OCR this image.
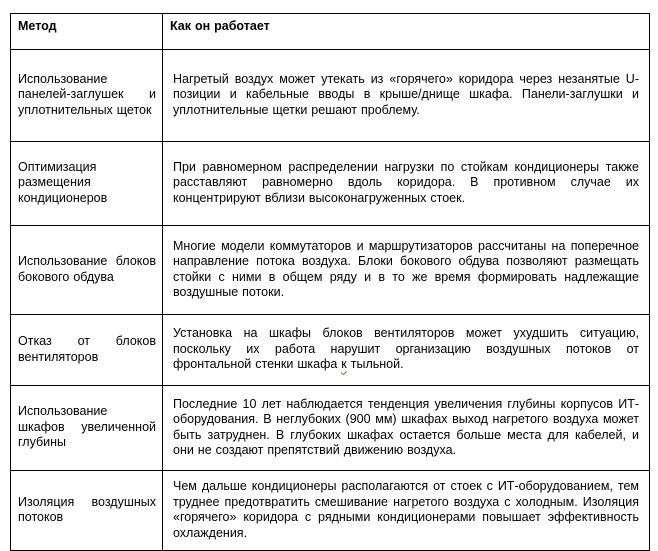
Метод	Как он работает
Использование панелей-заглушек и уплотнительных щеток	Нагретый воздух может утекать из «горячего» коридора через незанятые U-позиции и кабельные вводы в крыше/днище шкафа. Панели-заглушки и уплотнительные щетки решают проблему.
Оптимизация размещения кондиционеров	При равномерном распределении нагрузки по стойкам кондиционеры также расставляют равномерно вдоль коридора. В противном случае их концентрируют вблизи высоконагруженных стоек.
Использование блоков бокового обдува	Многие модели коммутаторов и маршрутизаторов рассчитаны на поперечное направление потока воздуха. Блоки бокового обдува позволяют размещать стойки с ними в общем ряду и в то же время формировать надлежащие воздушные потоки.
Отказ от блоков вентиляторов	Установка на шкафы блоков вентиляторов может ухудшить ситуацию, поскольку их работа нарушит организацию воздушных потоков от фронтальной стенки шкафа к тыльной.
Использование шкафов увеличенной глубины	Последние 10 лет наблюдается тенденция увеличения глубины корпусов ИТ-оборудования. В неглубоких (900 мм) шкафах выход нагретого воздуха может быть затруднен. В глубоких шкафах остается больше места для кабелей, и они не создают препятствий движению воздуха.
Изоляция воздушных потоков	Чем дальше кондиционеры располагаются от стоек с ИТ-оборудованием, тем труднее предотвратить смешивание нагретого воздуха с холодным. Изоляция «горячего» коридора с рядными кондиционерами повышает эффективность охлаждения.
